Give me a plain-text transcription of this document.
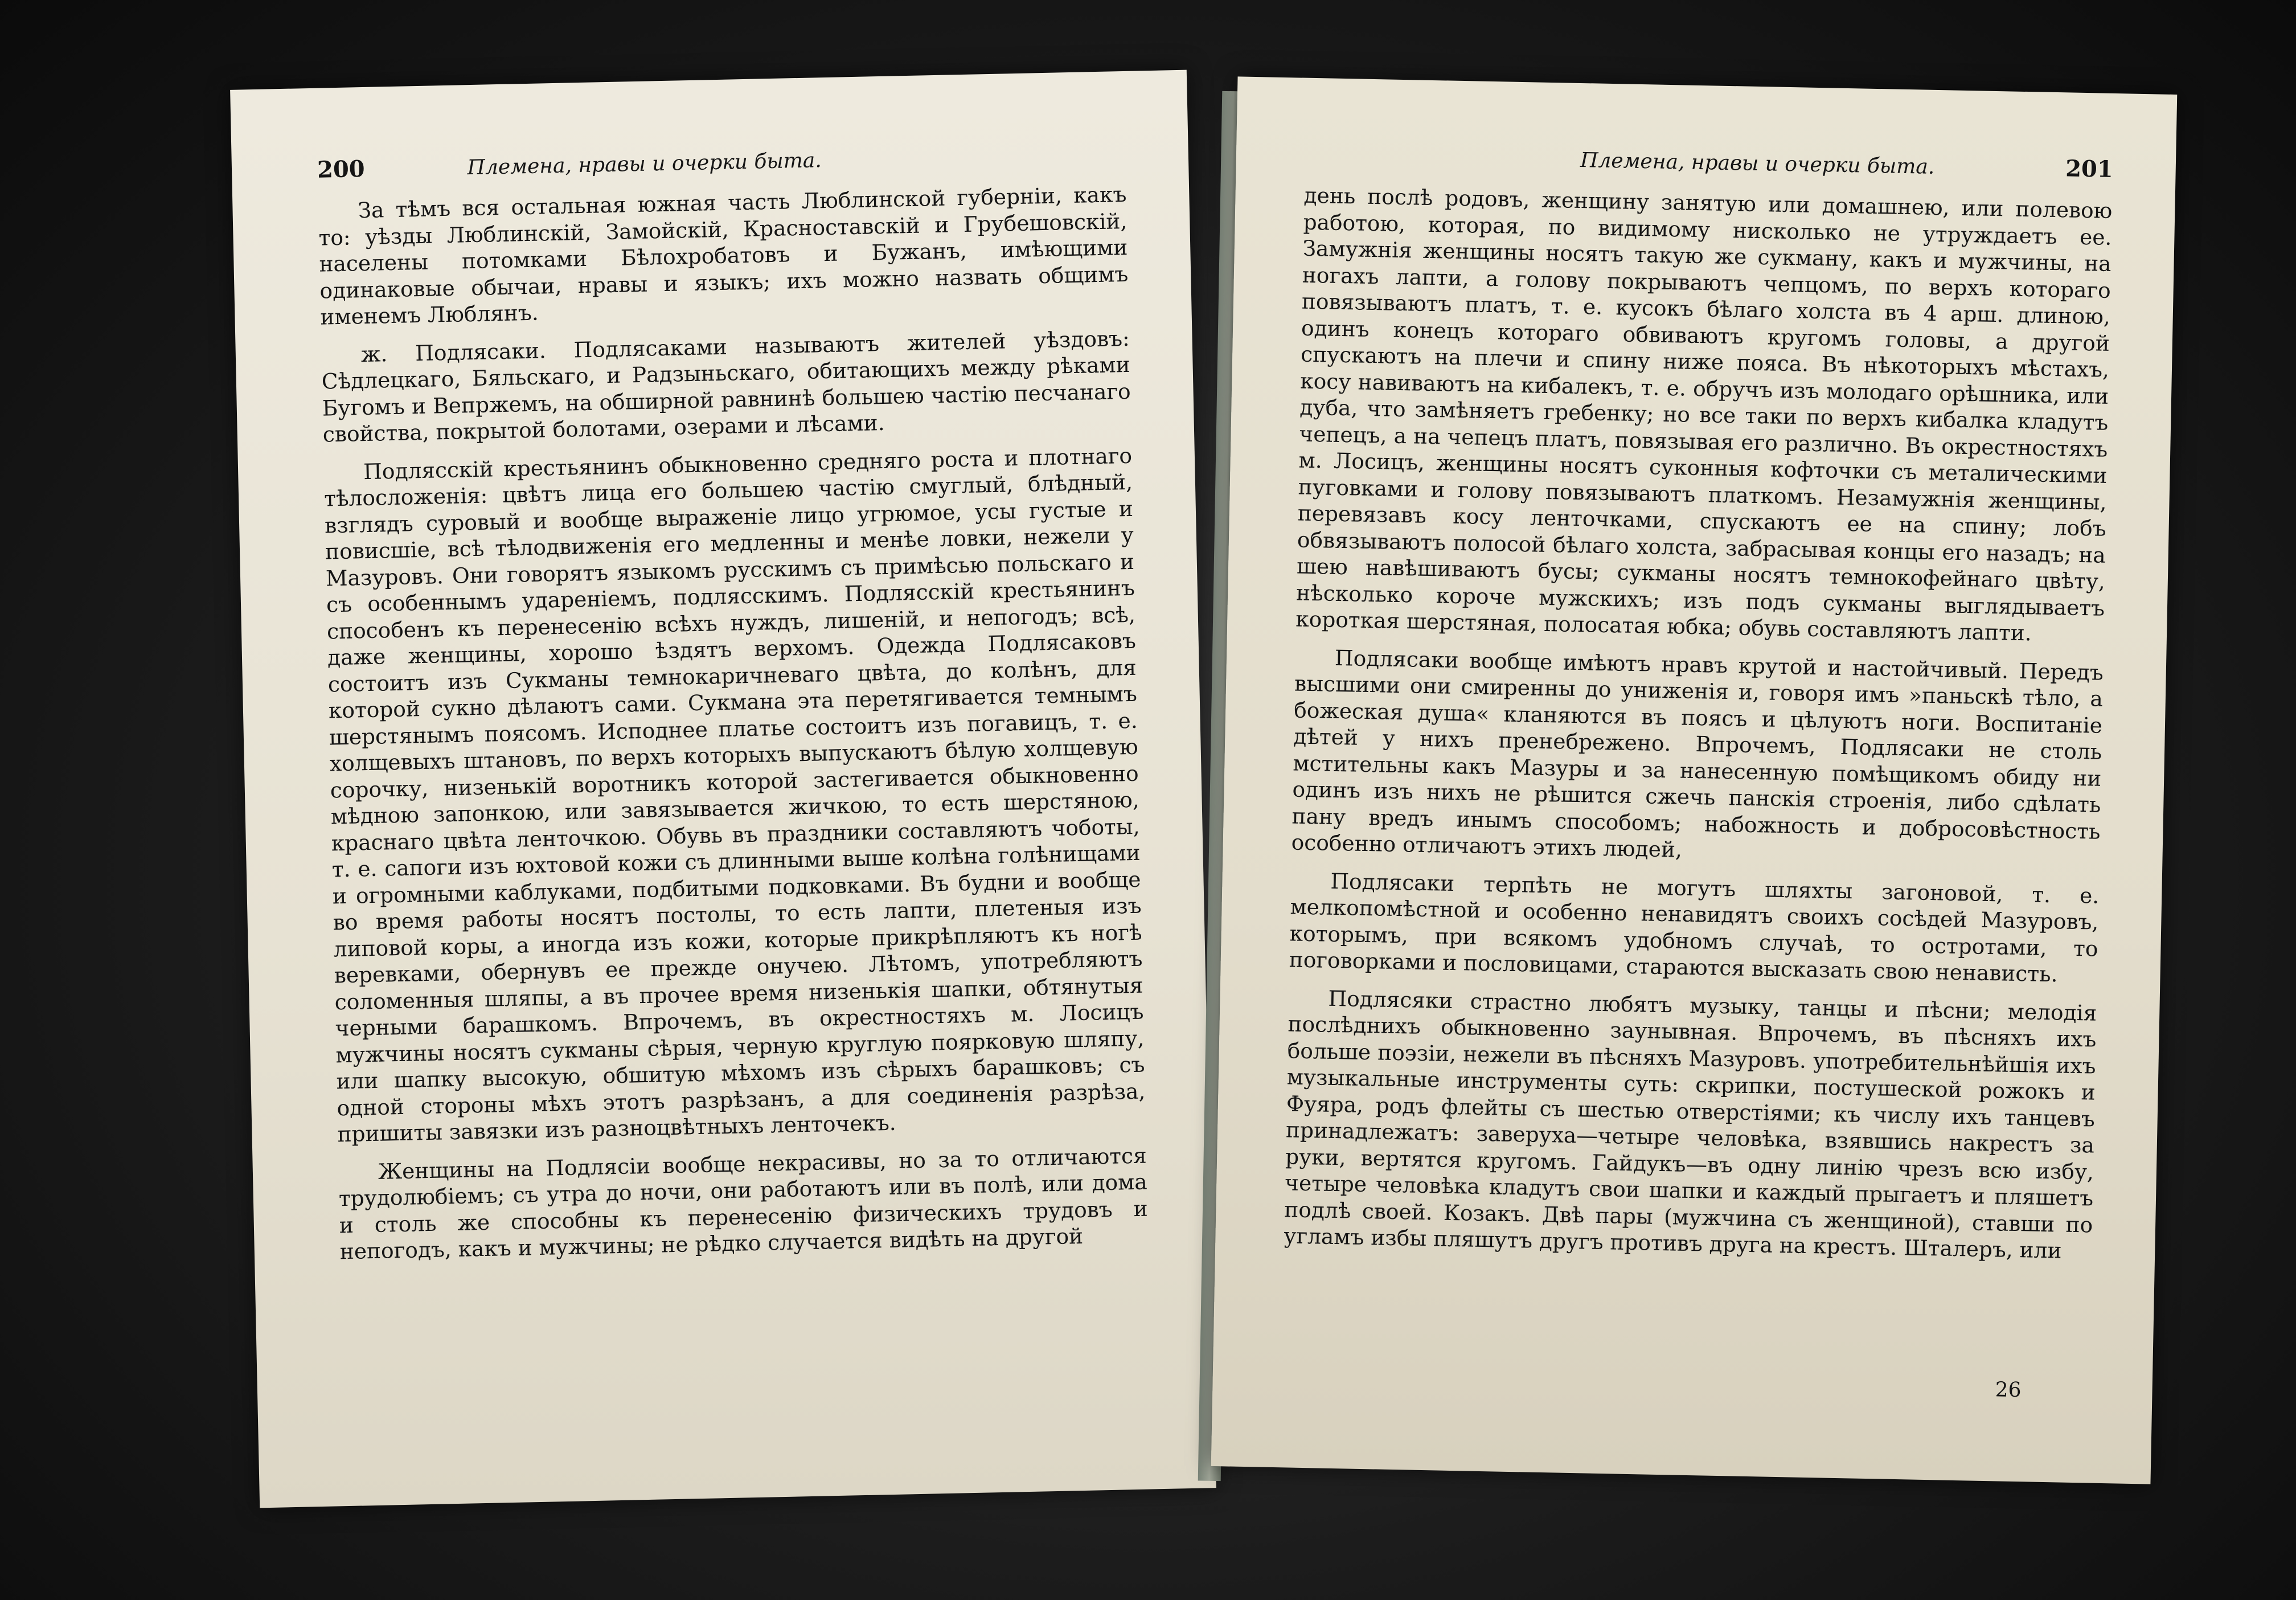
200	Племена, нравы и очерки быта.

За тѣмъ вся остальная южная часть Люблинской губерніи, какъ то: уѣзды Люблинскій, Замойскій, Красноставскій и Грубешовскій, населены потомками Бѣлохробатовъ и Бужанъ, имѣющими одинаковые обычаи, нравы и языкъ; ихъ можно назвать общимъ именемъ Люблянъ.

ж. Подлясаки. Подлясаками называютъ жителей уѣздовъ: Сѣдлецкаго, Бяльскаго, и Радзыньскаго, обитающихъ между рѣками Бугомъ и Вепржемъ, на обширной равнинѣ большею частію песчанаго свойства, покрытой болотами, озерами и лѣсами.

Подлясскій крестьянинъ обыкновенно средняго роста и плотнаго тѣлосложенія: цвѣтъ лица его большею частію смуглый, блѣдный, взглядъ суровый и вообще выраженіе лицо угрюмое, усы густые и повисшіе, всѣ тѣлодвиженія его медленны и менѣе ловки, нежели у Мазуровъ. Они говорятъ языкомъ русскимъ съ примѣсью польскаго и съ особеннымъ удареніемъ, подлясскимъ. Подлясскій крестьянинъ способенъ къ перенесенію всѣхъ нуждъ, лишеній, и непогодъ; всѣ, даже женщины, хорошо ѣздятъ верхомъ. Одежда Подлясаковъ состоитъ изъ Сукманы темнокаричневаго цвѣта, до колѣнъ, для которой сукно дѣлаютъ сами. Сукмана эта перетягивается темнымъ шерстянымъ поясомъ. Исподнее платье состоитъ изъ погавицъ, т. е. холщевыхъ штановъ, по верхъ которыхъ выпускаютъ бѣлую холщевую сорочку, низенькій воротникъ которой застегивается обыкновенно мѣдною запонкою, или завязывается жичкою, то есть шерстяною, краснаго цвѣта ленточкою. Обувь въ праздники составляютъ чоботы, т. е. сапоги изъ юхтовой кожи съ длинными выше колѣна голѣнищами и огромными каблуками, подбитыми подковками. Въ будни и вообще во время работы носятъ постолы, то есть лапти, плетеныя изъ липовой коры, а иногда изъ кожи, которые прикрѣпляютъ къ ногѣ веревками, обернувъ ее прежде онучею. Лѣтомъ, употребляютъ соломенныя шляпы, а въ прочее время низенькія шапки, обтянутыя черными барашкомъ. Впрочемъ, въ окрестностяхъ м. Лосицъ мужчины носятъ сукманы сѣрыя, черную круглую поярковую шляпу, или шапку высокую, обшитую мѣхомъ изъ сѣрыхъ барашковъ; съ одной стороны мѣхъ этотъ разрѣзанъ, а для соединенія разрѣза, пришиты завязки изъ разноцвѣтныхъ ленточекъ.

Женщины на Подлясіи вообще некрасивы, но за то отличаются трудолюбіемъ; съ утра до ночи, они работаютъ или въ полѣ, или дома и столь же способны къ перенесенію физическихъ трудовъ и непогодъ, какъ и мужчины; не рѣдко случается видѣть на другой

Племена, нравы и очерки быта.	201

день послѣ родовъ, женщину занятую или домашнею, или полевою работою, которая, по видимому нисколько не утруждаетъ ее. Замужнія женщины носятъ такую же сукману, какъ и мужчины, на ногахъ лапти, а голову покрываютъ чепцомъ, по верхъ котораго повязываютъ платъ, т. е. кусокъ бѣлаго холста въ 4 арш. длиною, одинъ конецъ котораго обвиваютъ кругомъ головы, а другой спускаютъ на плечи и спину ниже пояса. Въ нѣкоторыхъ мѣстахъ, косу навиваютъ на кибалекъ, т. е. обручъ изъ молодаго орѣшника, или дуба, что замѣняетъ гребенку; но все таки по верхъ кибалка кладутъ чепецъ, а на чепецъ платъ, повязывая его различно. Въ окрестностяхъ м. Лосицъ, женщины носятъ суконныя кофточки съ металическими пуговками и голову повязываютъ платкомъ. Незамужнія женщины, перевязавъ косу ленточками, спускаютъ ее на спину; лобъ обвязываютъ полосой бѣлаго холста, забрасывая концы его назадъ; на шею навѣшиваютъ бусы; сукманы носятъ темнокофейнаго цвѣту, нѣсколько короче мужскихъ; изъ подъ сукманы выглядываетъ короткая шерстяная, полосатая юбка; обувь составляютъ лапти.

Подлясаки вообще имѣютъ нравъ крутой и настойчивый. Передъ высшими они смиренны до униженія и, говоря имъ »паньскѣ тѣло, а божеская душа« кланяются въ поясъ и цѣлуютъ ноги. Воспитаніе дѣтей у нихъ пренебрежено. Впрочемъ, Подлясаки не столь мстительны какъ Мазуры и за нанесенную помѣщикомъ обиду ни одинъ изъ нихъ не рѣшится сжечь панскія строенія, либо сдѣлать пану вредъ инымъ способомъ; набожность и добросовѣстность особенно отличаютъ этихъ людей,

Подлясаки терпѣть не могутъ шляхты загоновой, т. е. мелкопомѣстной и особенно ненавидятъ своихъ сосѣдей Мазуровъ, которымъ, при всякомъ удобномъ случаѣ, то остротами, то поговорками и пословицами, стараются высказать свою ненависть.

Подлясяки страстно любятъ музыку, танцы и пѣсни; мелодія послѣднихъ обыкновенно заунывная. Впрочемъ, въ пѣсняхъ ихъ больше поэзіи, нежели въ пѣсняхъ Мазуровъ. употребительнѣйшія ихъ музыкальные инструменты суть: скрипки, постушеской рожокъ и Фуяра, родъ флейты съ шестью отверстіями; къ числу ихъ танцевъ принадлежатъ: заверуха—четыре человѣка, взявшись накрестъ за руки, вертятся кругомъ. Гайдукъ—въ одну линію чрезъ всю избу, четыре человѣка кладутъ свои шапки и каждый прыгаетъ и пляшетъ подлѣ своей. Козакъ. Двѣ пары (мужчина съ женщиной), ставши по угламъ избы пляшутъ другъ противъ друга на крестъ. Шталеръ, или

26
